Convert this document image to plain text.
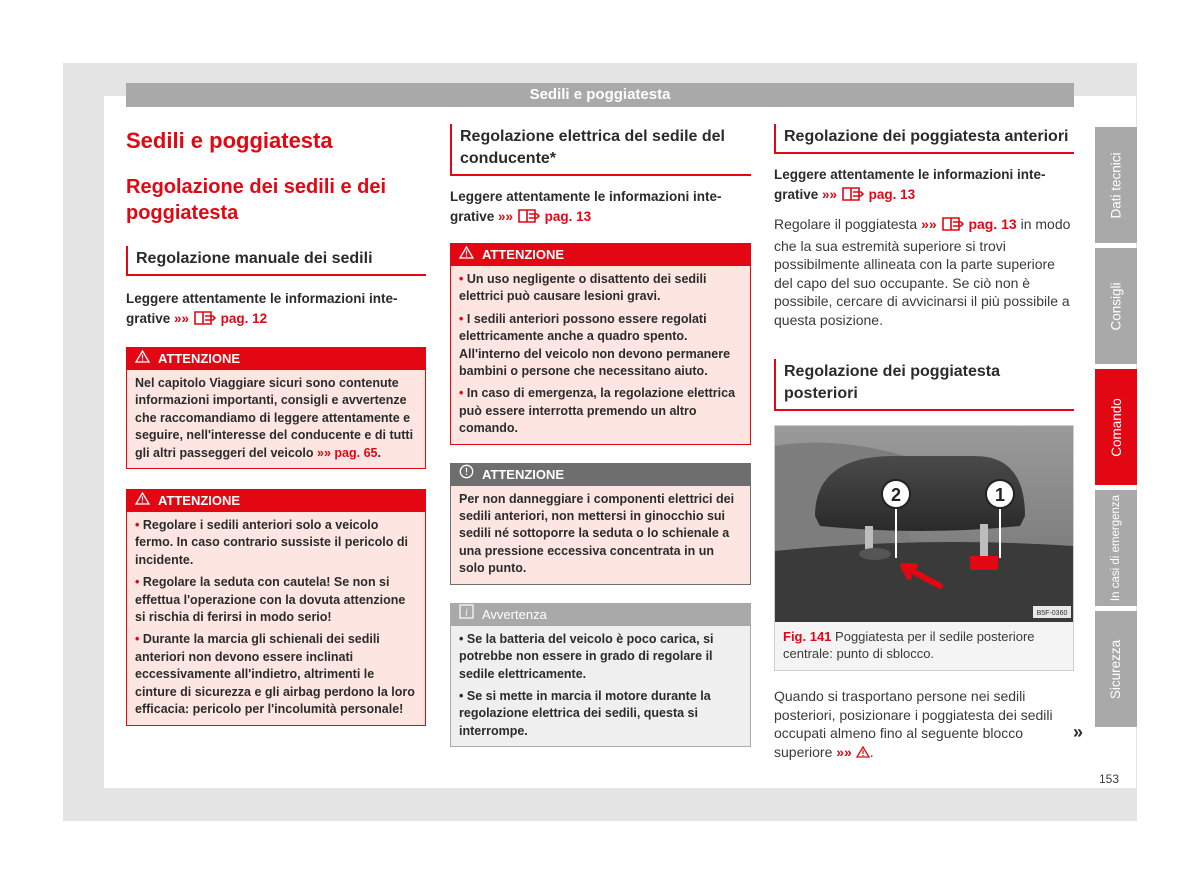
Sedili e poggiatesta
Sedili e poggiatesta
Regolazione dei sedili e dei poggiatesta
Regolazione manuale dei sedili

Leggere attentamente le informazioni inte-
grative »» pag. 12

ATTENZIONE
Nel capitolo Viaggiare sicuri sono contenute informazioni importanti, consigli e avvertenze che raccomandiamo di leggere attentamente e seguire, nell'interesse del conducente e di tutti gli altri passeggeri del veicolo »» pag. 65.
ATTENZIONE
• Regolare i sedili anteriori solo a veicolo fermo. In caso contrario sussiste il pericolo di incidente.
• Regolare la seduta con cautela! Se non si effettua l'operazione con la dovuta attenzione si rischia di ferirsi in modo serio!
• Durante la marcia gli schienali dei sedili anteriori non devono essere inclinati eccessivamente all'indietro, altrimenti le cinture di sicurezza e gli airbag perdono la loro efficacia: pericolo per l'incolumità personale!
Regolazione elettrica del sedile del conducente*

Leggere attentamente le informazioni inte-
grative »» pag. 13

ATTENZIONE
• Un uso negligente o disattento dei sedili elettrici può causare lesioni gravi.
• I sedili anteriori possono essere regolati elettricamente anche a quadro spento. All'interno del veicolo non devono permanere bambini o persone che necessitano aiuto.
• In caso di emergenza, la regolazione elettrica può essere interrotta premendo un altro comando.
ATTENZIONE
Per non danneggiare i componenti elettrici dei sedili anteriori, non mettersi in ginocchio sui sedili né sottoporre la seduta o lo schienale a una pressione eccessiva concentrata in un solo punto.
i Avvertenza
• Se la batteria del veicolo è poco carica, si potrebbe non essere in grado di regolare il sedile elettricamente.
• Se si mette in marcia il motore durante la regolazione elettrica dei sedili, questa si interrompe.
Regolazione dei poggiatesta anteriori

Leggere attentamente le informazioni inte-
grative »» pag. 13

Regolare il poggiatesta »» pag. 13 in modo che la sua estremità superiore si trovi possibilmente allineata con la parte superiore del capo del suo occupante. Se ciò non è possibile, cercare di avvicinarsi il più possibile a questa posizione.

Regolazione dei poggiatesta posteriori
2	1
B5F-0360
Fig. 141 Poggiatesta per il sedile posteriore centrale: punto di sblocco.

Quando si trasportano persone nei sedili posteriori, posizionare i poggiatesta dei sedili occupati almeno fino al seguente blocco superiore »» .

»
Dati tecnici
Consigli
Comando
In casi di emergenza
Sicurezza
153
